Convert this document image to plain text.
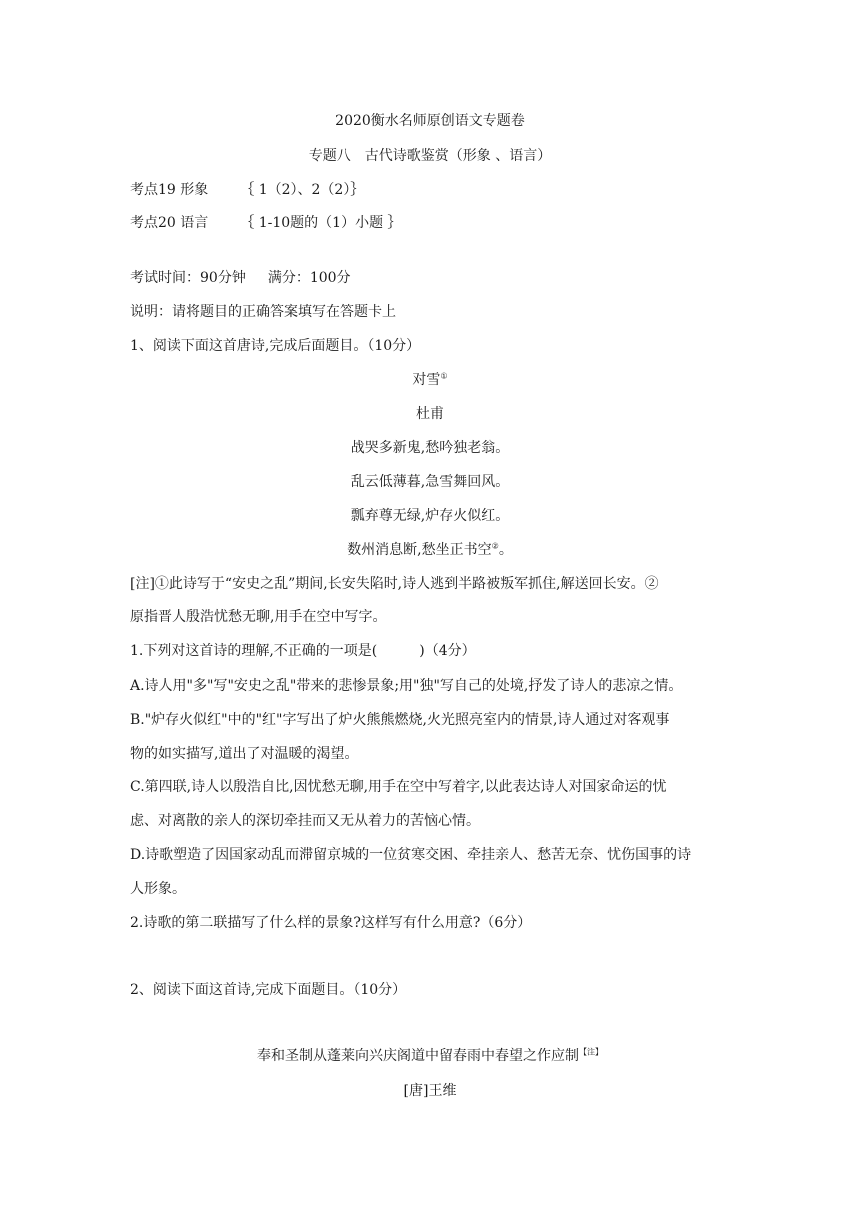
2020衡水名师原创语文专题卷
专题八　古代诗歌鉴赏（形象 、语言）
考点19 形象 ｛ 1（2）、2（2）｝
考点20 语言 ｛ 1-10题的（1）小题 ｝
考试时间：90分钟 满分：100分
说明：请将题目的正确答案填写在答题卡上
1、阅读下面这首唐诗,完成后面题目。（10分）
对雪①
杜甫
战哭多新鬼,愁吟独老翁。
乱云低薄暮,急雪舞回风。
瓢弃尊无绿,炉存火似红。
数州消息断,愁坐正书空②。
[注]①此诗写于“安史之乱”期间,长安失陷时,诗人逃到半路被叛军抓住,解送回长安。②
原指晋人殷浩忧愁无聊,用手在空中写字。
1.下列对这首诗的理解,不正确的一项是(　　　)（4分）
A.诗人用"多"写"安史之乱"带来的悲惨景象;用"独"写自己的处境,抒发了诗人的悲凉之情。
B."炉存火似红"中的"红"字写出了炉火熊熊燃烧,火光照亮室内的情景,诗人通过对客观事
物的如实描写,道出了对温暖的渴望。
C.第四联,诗人以殷浩自比,因忧愁无聊,用手在空中写着字,以此表达诗人对国家命运的忧
虑、对离散的亲人的深切牵挂而又无从着力的苦恼心情。
D.诗歌塑造了因国家动乱而滞留京城的一位贫寒交困、牵挂亲人、愁苦无奈、忧伤国事的诗
人形象。
2.诗歌的第二联描写了什么样的景象?这样写有什么用意?（6分）
2、阅读下面这首诗,完成下面题目。（10分）
奉和圣制从蓬莱向兴庆阁道中留春雨中春望之作应制$^{【注】}$
[唐]王维
